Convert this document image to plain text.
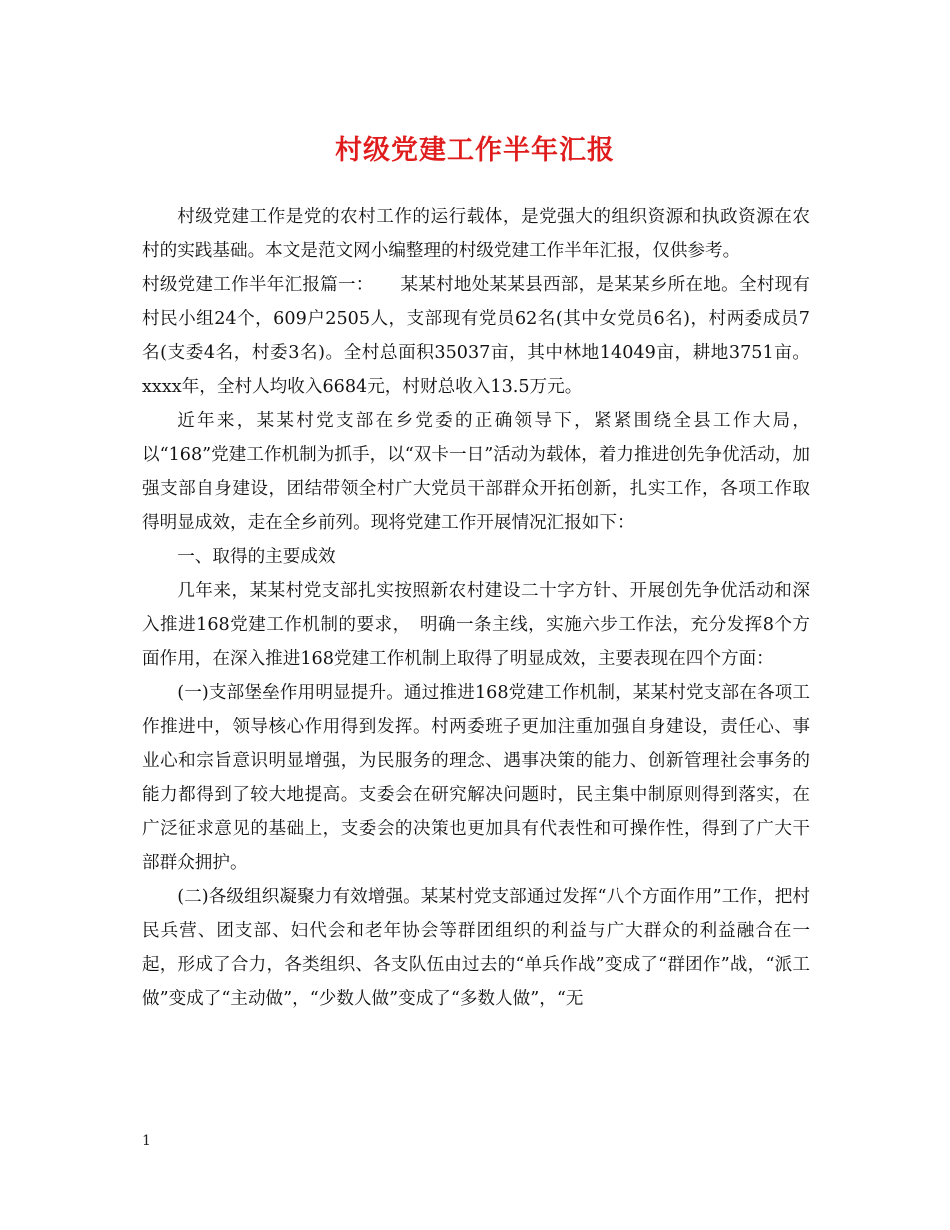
村级党建工作半年汇报

村级党建工作是党的农村工作的运行载体，是党强大的组织资源和执政资源在农村的实践基础。本文是范文网小编整理的村级党建工作半年汇报，仅供参考。

村级党建工作半年汇报篇一：　　某某村地处某某县西部，是某某乡所在地。全村现有村民小组24个，609户2505人，支部现有党员62名(其中女党员6名)，村两委成员7名(支委4名，村委3名)。全村总面积35037亩，其中林地14049亩，耕地3751亩。xxxx年，全村人均收入6684元，村财总收入13.5万元。

近年来，某某村党支部在乡党委的正确领导下，紧紧围绕全县工作大局，以“168”党建工作机制为抓手，以“双卡一日”活动为载体，着力推进创先争优活动，加强支部自身建设，团结带领全村广大党员干部群众开拓创新，扎实工作，各项工作取得明显成效，走在全乡前列。现将党建工作开展情况汇报如下：

一、取得的主要成效

几年来，某某村党支部扎实按照新农村建设二十字方针、开展创先争优活动和深入推进168党建工作机制的要求，　明确一条主线，实施六步工作法，充分发挥8个方面作用，在深入推进168党建工作机制上取得了明显成效，主要表现在四个方面：

(一)支部堡垒作用明显提升。通过推进168党建工作机制，某某村党支部在各项工作推进中，领导核心作用得到发挥。村两委班子更加注重加强自身建设，责任心、事业心和宗旨意识明显增强，为民服务的理念、遇事决策的能力、创新管理社会事务的能力都得到了较大地提高。支委会在研究解决问题时，民主集中制原则得到落实，在广泛征求意见的基础上，支委会的决策也更加具有代表性和可操作性，得到了广大干部群众拥护。

(二)各级组织凝聚力有效增强。某某村党支部通过发挥“八个方面作用”工作，把村民兵营、团支部、妇代会和老年协会等群团组织的利益与广大群众的利益融合在一起，形成了合力，各类组织、各支队伍由过去的“单兵作战”变成了“群团作”战，“派工做”变成了“主动做”，“少数人做”变成了“多数人做”，“无

1
